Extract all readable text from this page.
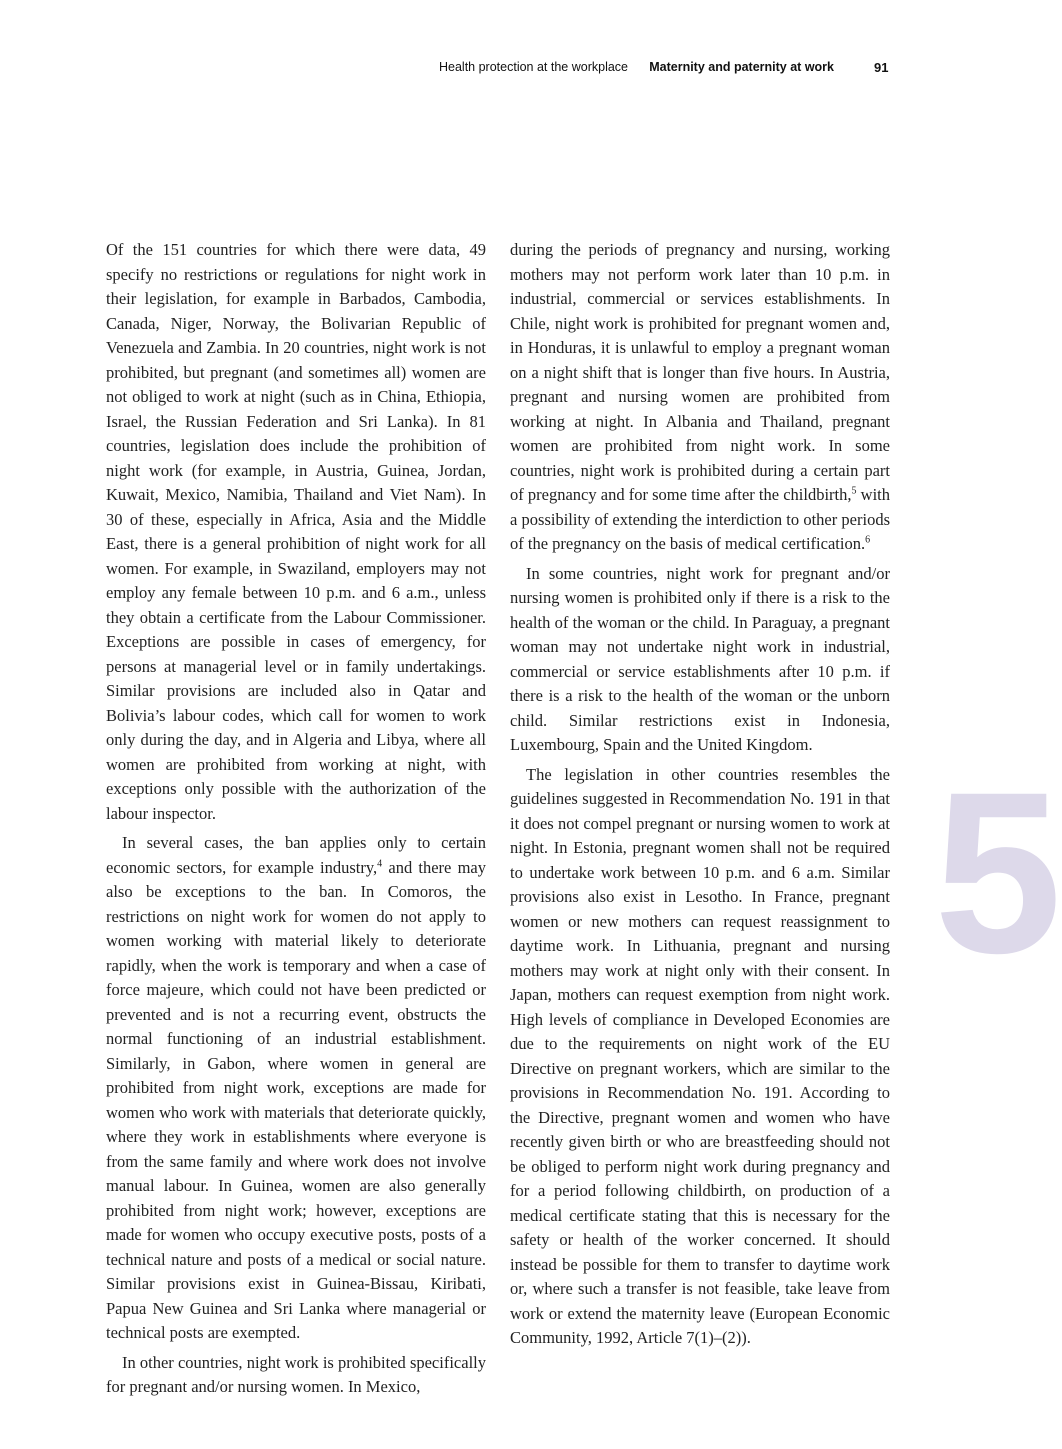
Health protection at the workplace Maternity and paternity at work	91

Of the 151 countries for which there were data, 49 specify no restrictions or regulations for night work in their legislation, for example in Barbados, Cambodia, Canada, Niger, Norway, the Bolivarian Republic of Venezuela and Zambia. In 20 countries, night work is not prohibited, but pregnant (and sometimes all) women are not obliged to work at night (such as in China, Ethiopia, Israel, the Russian Federation and Sri Lanka). In 81 countries, legislation does include the prohibition of night work (for example, in Austria, Guinea, Jordan, Kuwait, Mexico, Namibia, Thailand and Viet Nam). In 30 of these, especially in Africa, Asia and the Middle East, there is a general prohibition of night work for all women. For example, in Swaziland, employers may not employ any female between 10 p.m. and 6 a.m., unless they obtain a certificate from the Labour Commissioner. Exceptions are possible in cases of emergency, for persons at managerial level or in family undertakings. Similar provisions are included also in Qatar and Bolivia’s labour codes, which call for women to work only during the day, and in Algeria and Libya, where all women are prohibited from working at night, with exceptions only possible with the authorization of the labour inspector.

In several cases, the ban applies only to certain economic sectors, for example industry,$^4$ and there may also be exceptions to the ban. In Comoros, the restrictions on night work for women do not apply to women working with material likely to deteriorate rapidly, when the work is temporary and when a case of force majeure, which could not have been predicted or prevented and is not a recurring event, obstructs the normal functioning of an industrial establishment. Similarly, in Gabon, where women in general are prohibited from night work, exceptions are made for women who work with materials that deteriorate quickly, where they work in establishments where everyone is from the same family and where work does not involve manual labour. In Guinea, women are also generally prohibited from night work; however, exceptions are made for women who occupy executive posts, posts of a technical nature and posts of a medical or social nature. Similar provisions exist in Guinea-Bissau, Kiribati, Papua New Guinea and Sri Lanka where managerial or technical posts are exempted.

In other countries, night work is prohibited specifically for pregnant and/or nursing women. In Mexico,

during the periods of pregnancy and nursing, working mothers may not perform work later than 10 p.m. in industrial, commercial or services establishments. In Chile, night work is prohibited for pregnant women and, in Honduras, it is unlawful to employ a pregnant woman on a night shift that is longer than five hours. In Austria, pregnant and nursing women are prohibited from working at night. In Albania and Thailand, pregnant women are prohibited from night work. In some countries, night work is prohibited during a certain part of pregnancy and for some time after the childbirth,$^5$ with a possibility of extending the interdiction to other periods of the pregnancy on the basis of medical certification.$^6$

In some countries, night work for pregnant and/or nursing women is prohibited only if there is a risk to the health of the woman or the child. In Paraguay, a pregnant woman may not undertake night work in industrial, commercial or service establishments after 10 p.m. if there is a risk to the health of the woman or the unborn child. Similar restrictions exist in Indonesia, Luxembourg, Spain and the United Kingdom.

The legislation in other countries resembles the guidelines suggested in Recommendation No. 191 in that it does not compel pregnant or nursing women to work at night. In Estonia, pregnant women shall not be required to undertake work between 10 p.m. and 6 a.m. Similar provisions also exist in Lesotho. In France, pregnant women or new mothers can request reassignment to daytime work. In Lithuania, pregnant and nursing mothers may work at night only with their consent. In Japan, mothers can request exemption from night work. High levels of compliance in Developed Economies are due to the requirements on night work of the EU Directive on pregnant workers, which are similar to the provisions in Recommendation No. 191. According to the Directive, pregnant women and women who have recently given birth or who are breastfeeding should not be obliged to perform night work during pregnancy and for a period following childbirth, on production of a medical certificate stating that this is necessary for the safety or health of the worker concerned. It should instead be possible for them to transfer to daytime work or, where such a transfer is not feasible, take leave from work or extend the maternity leave (European Economic Community, 1992, Article 7(1)–(2)).

5
